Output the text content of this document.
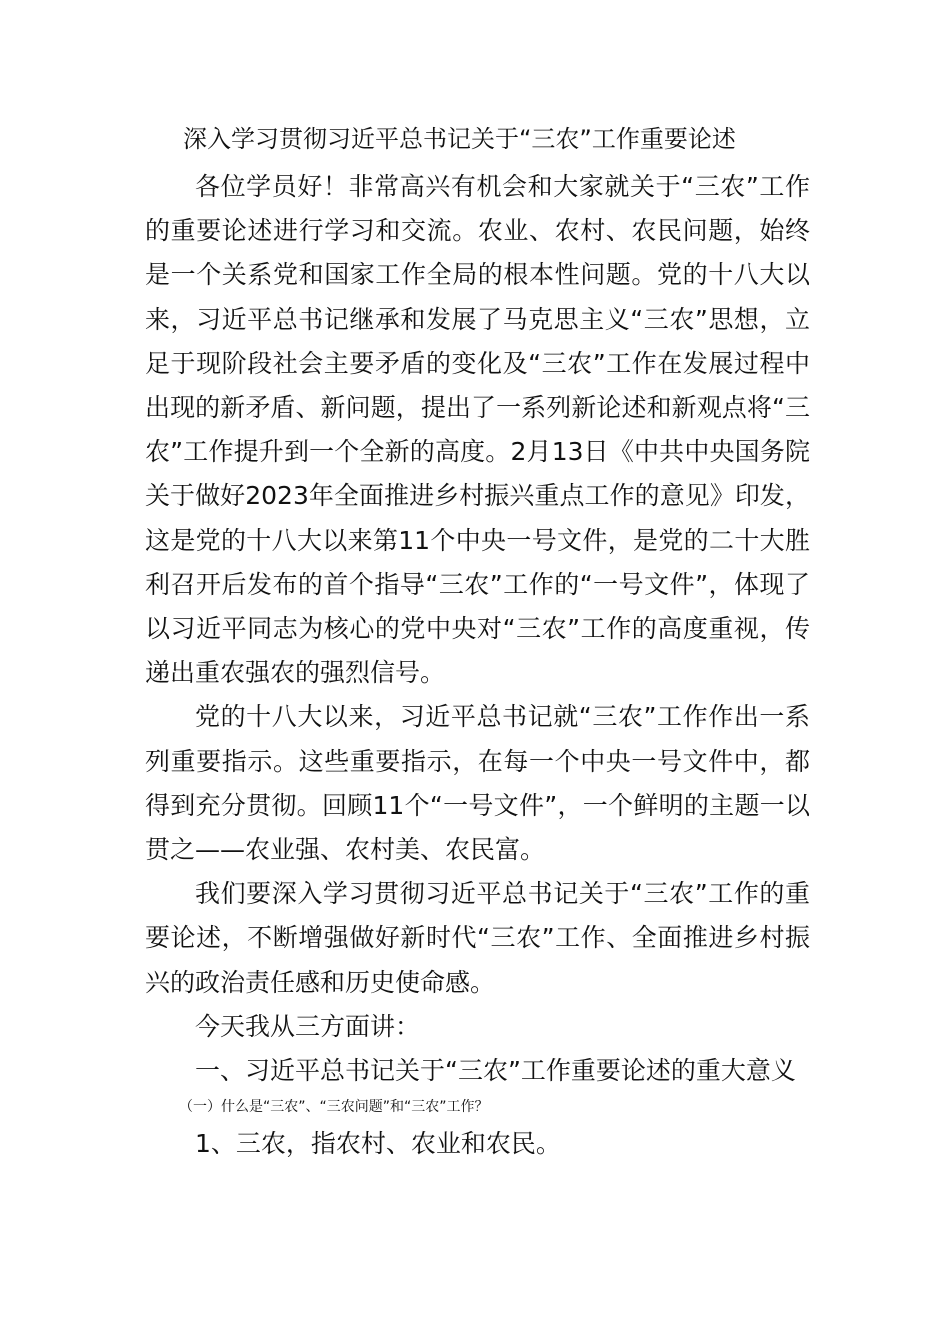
深入学习贯彻习近平总书记关于“三农”工作重要论述

各位学员好！非常高兴有机会和大家就关于“三农”工作的重要论述进行学习和交流。农业、农村、农民问题，始终是一个关系党和国家工作全局的根本性问题。党的十八大以来，习近平总书记继承和发展了马克思主义“三农”思想，立足于现阶段社会主要矛盾的变化及“三农”工作在发展过程中出现的新矛盾、新问题，提出了一系列新论述和新观点将“三农”工作提升到一个全新的高度。2月13日《中共中央国务院关于做好2023年全面推进乡村振兴重点工作的意见》印发，这是党的十八大以来第11个中央一号文件，是党的二十大胜利召开后发布的首个指导“三农”工作的“一号文件”，体现了以习近平同志为核心的党中央对“三农”工作的高度重视，传递出重农强农的强烈信号。

党的十八大以来，习近平总书记就“三农”工作作出一系列重要指示。这些重要指示，在每一个中央一号文件中，都得到充分贯彻。回顾11个“一号文件”，一个鲜明的主题一以贯之——农业强、农村美、农民富。

我们要深入学习贯彻习近平总书记关于“三农”工作的重要论述，不断增强做好新时代“三农”工作、全面推进乡村振兴的政治责任感和历史使命感。

今天我从三方面讲：

一、习近平总书记关于“三农”工作重要论述的重大意义

（一）什么是“三农”、“三农问题”和“三农”工作？

1、三农，指农村、农业和农民。
